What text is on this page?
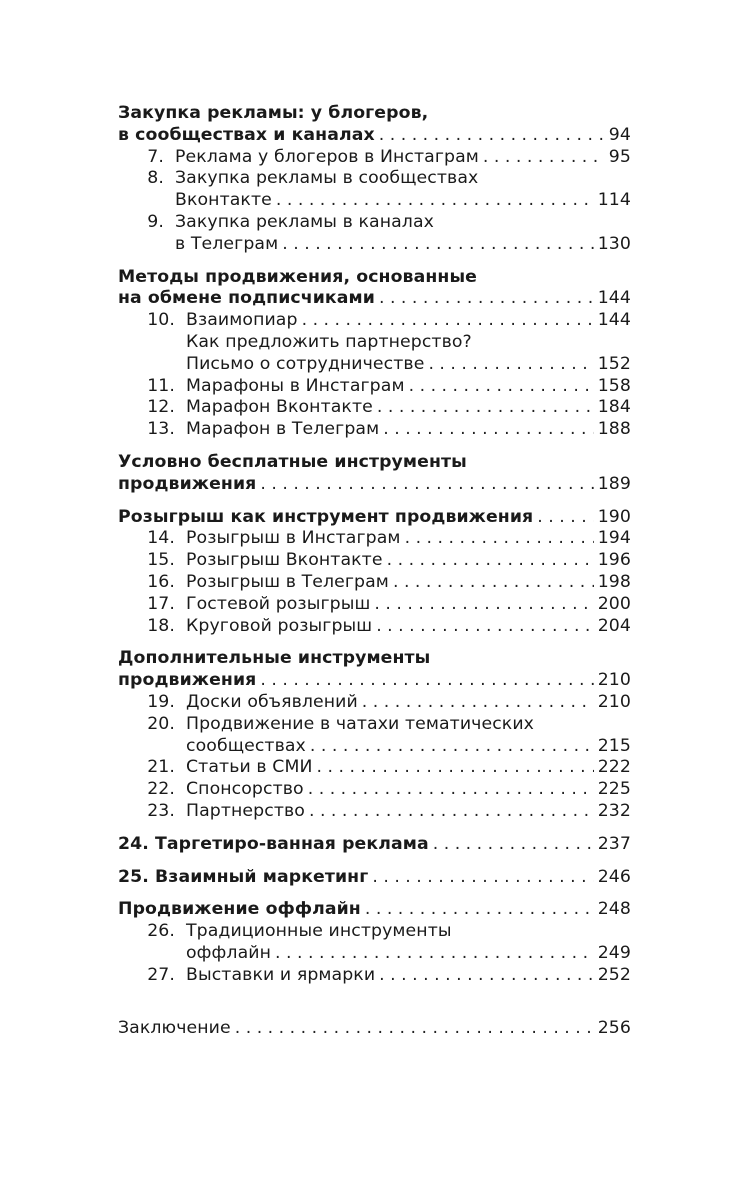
Закупка рекламы: у блогеров,
в сообществах и каналах . . .	94
7. Реклама у блогеров в Инстаграм . . .	95
8. Закупка рекламы в сообществах
Вконтакте . . .	114
9. Закупка рекламы в каналах
в Телеграм . . .	130
Методы продвижения, основанные
на обмене подписчиками . . .	144
10. Взаимопиар . . .	144
Как предложить партнерство?
Письмо о сотрудничестве . . .	152
11. Марафоны в Инстаграм . . .	158
12. Марафон Вконтакте . . .	184
13. Марафон в Телеграм . . .	188
Условно бесплатные инструменты
продвижения . . .	189
Розыгрыш как инструмент продвижения . . .	190
14. Розыгрыш в Инстаграм . . .	194
15. Розыгрыш Вконтакте . . .	196
16. Розыгрыш в Телеграм . . .	198
17. Гостевой розыгрыш . . .	200
18. Круговой розыгрыш . . .	204
Дополнительные инструменты
продвижения . . .	210
19. Доски объявлений . . .	210
20. Продвижение в чатахи тематических
сообществах . . .	215
21. Статьи в СМИ . . .	222
22. Спонсорство . . .	225
23. Партнерство . . .	232
24. Таргетиро-ванная реклама . . .	237
25. Взаимный маркетинг . . .	246
Продвижение оффлайн . . .	248
26. Традиционные инструменты
оффлайн . . .	249
27. Выставки и ярмарки . . .	252
Заключение . . .	256
